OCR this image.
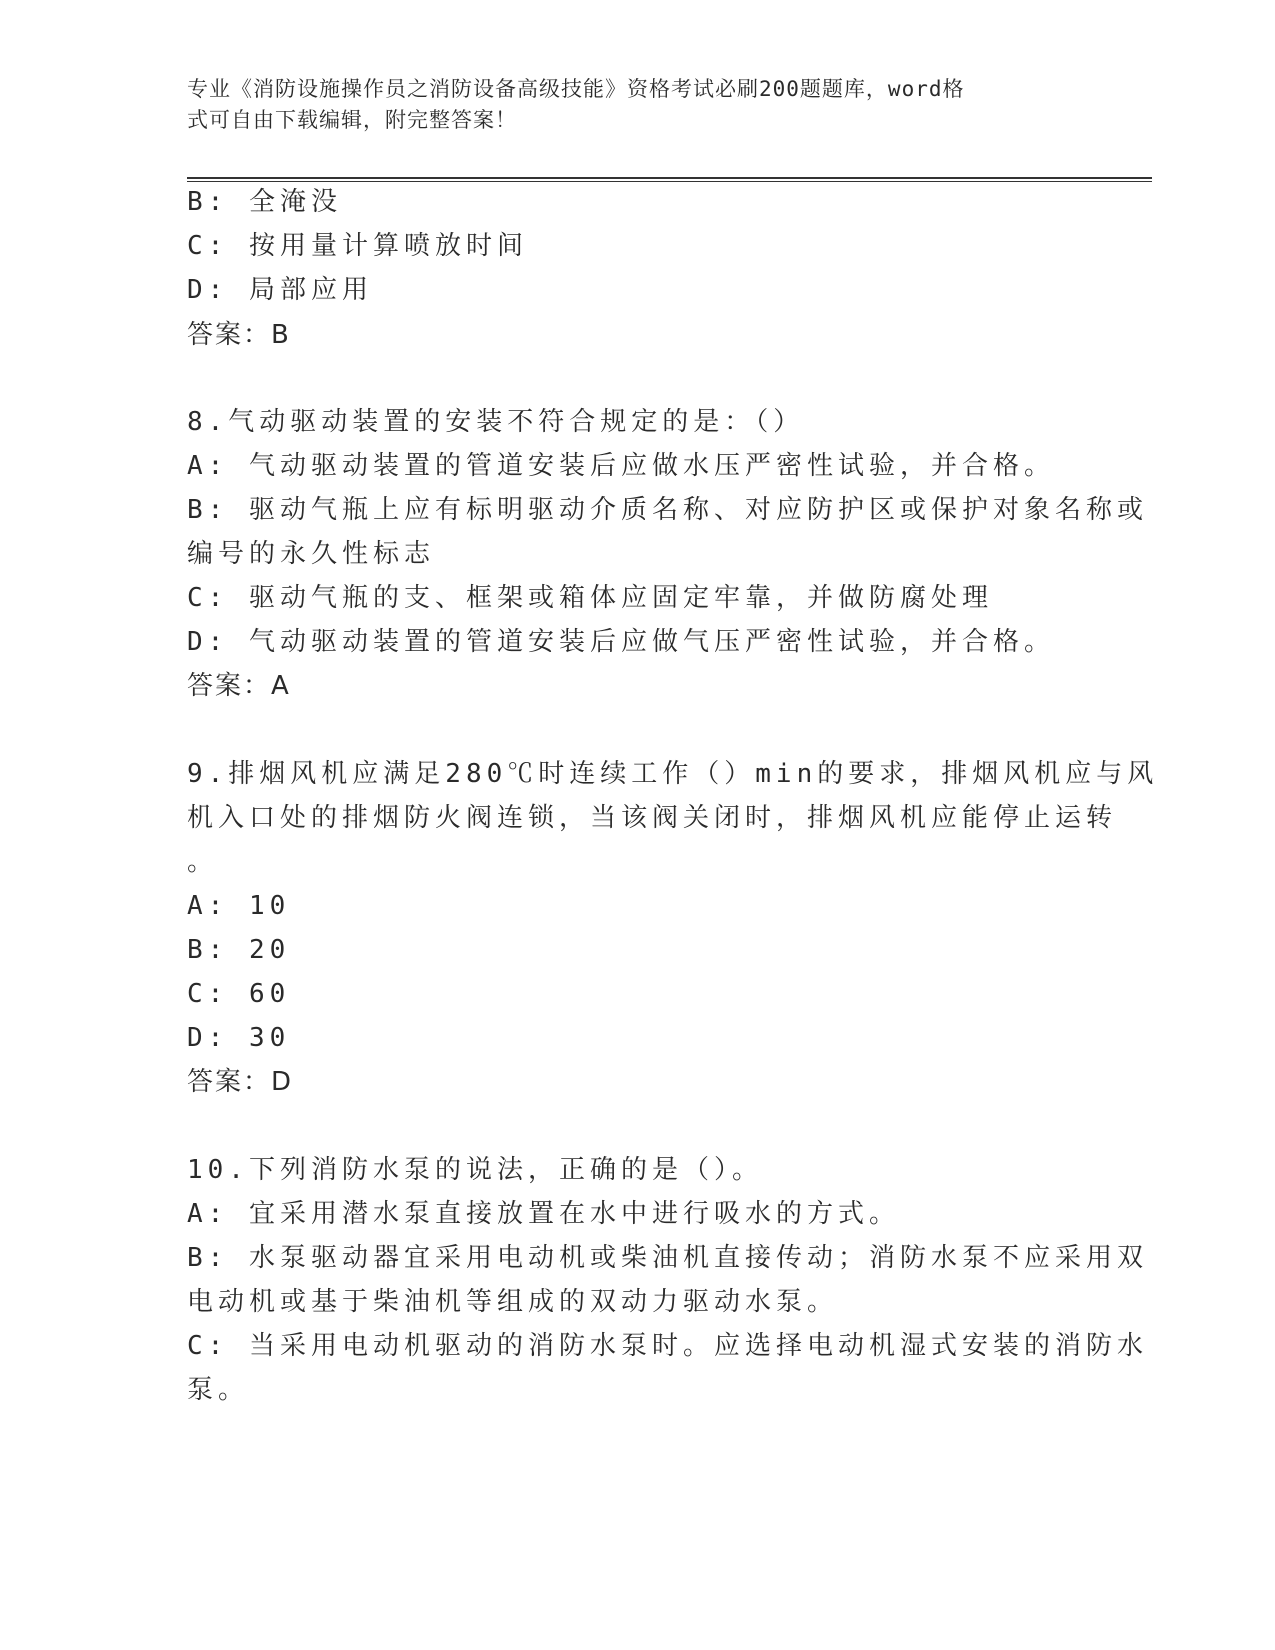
专业《消防设施操作员之消防设备高级技能》资格考试必刷200题题库，word格
式可自由下载编辑，附完整答案！
B: 全淹没
C: 按用量计算喷放时间
D: 局部应用
答案：B
8.气动驱动装置的安装不符合规定的是：（）
A: 气动驱动装置的管道安装后应做水压严密性试验，并合格。
B: 驱动气瓶上应有标明驱动介质名称、对应防护区或保护对象名称或
编号的永久性标志
C: 驱动气瓶的支、框架或箱体应固定牢靠，并做防腐处理
D: 气动驱动装置的管道安装后应做气压严密性试验，并合格。
答案：A
9.排烟风机应满足280℃时连续工作（）min的要求，排烟风机应与风
机入口处的排烟防火阀连锁，当该阀关闭时，排烟风机应能停止运转
。
A: 10
B: 20
C: 60
D: 30
答案：D
10.下列消防水泵的说法，正确的是（）。
A: 宜采用潜水泵直接放置在水中进行吸水的方式。
B: 水泵驱动器宜采用电动机或柴油机直接传动；消防水泵不应采用双
电动机或基于柴油机等组成的双动力驱动水泵。
C: 当采用电动机驱动的消防水泵时。应选择电动机湿式安装的消防水
泵。
